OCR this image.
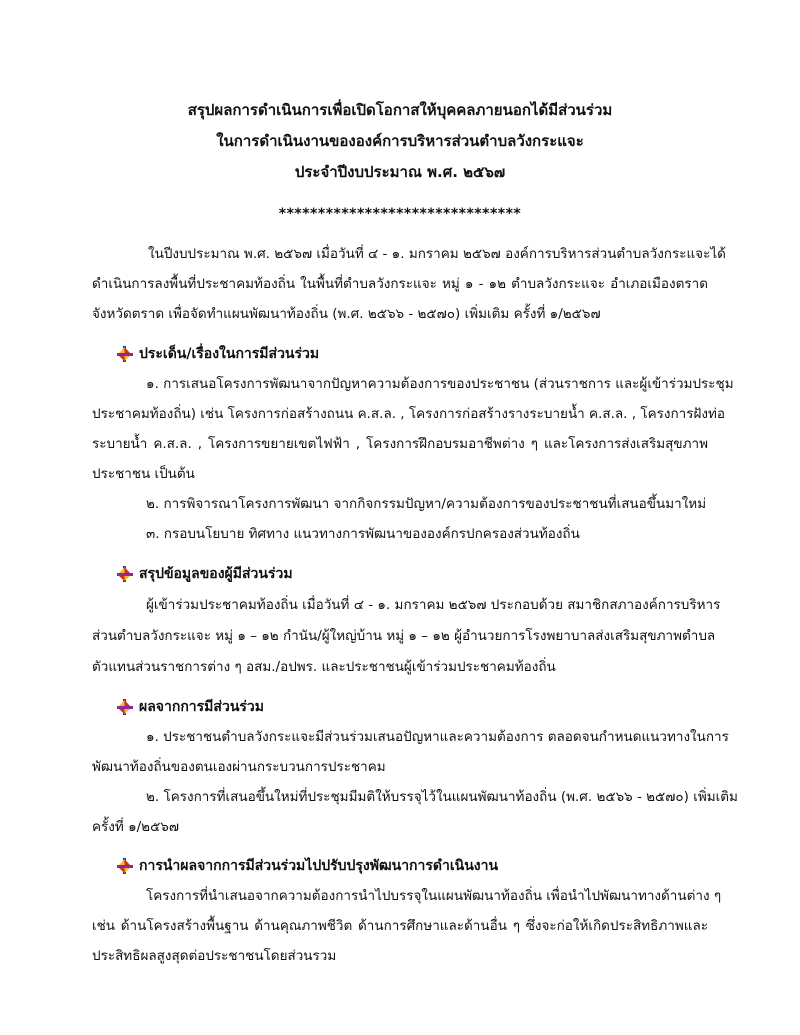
สรุปผลการดำเนินการเพื่อเปิดโอกาสให้บุคคลภายนอกได้มีส่วนร่วม
ในการดำเนินงานขององค์การบริหารส่วนตำบลวังกระแจะ
ประจำปีงบประมาณ พ.ศ. ๒๕๖๗
*******************************
ในปีงบประมาณ พ.ศ. ๒๕๖๗ เมื่อวันที่ ๔ - ๑. มกราคม ๒๕๖๗ องค์การบริหารส่วนตำบลวังกระแจะได้
ดำเนินการลงพื้นที่ประชาคมท้องถิ่น ในพื้นที่ตำบลวังกระแจะ หมู่ ๑ - ๑๒ ตำบลวังกระแจะ อำเภอเมืองตราด
จังหวัดตราด เพื่อจัดทำแผนพัฒนาท้องถิ่น (พ.ศ. ๒๕๖๖ - ๒๕๗๐) เพิ่มเติม ครั้งที่ ๑/๒๕๖๗
ประเด็น/เรื่องในการมีส่วนร่วม
๑. การเสนอโครงการพัฒนาจากปัญหาความต้องการของประชาชน (ส่วนราชการ และผู้เข้าร่วมประชุม
ประชาคมท้องถิ่น) เช่น โครงการก่อสร้างถนน ค.ส.ล. , โครงการก่อสร้างรางระบายน้ำ ค.ส.ล. , โครงการฝังท่อ
ระบายน้ำ ค.ส.ล. , โครงการขยายเขตไฟฟ้า , โครงการฝึกอบรมอาชีพต่าง ๆ และโครงการส่งเสริมสุขภาพ
ประชาชน เป็นต้น
๒. การพิจารณาโครงการพัฒนา จากกิจกรรมปัญหา/ความต้องการของประชาชนที่เสนอขึ้นมาใหม่
๓. กรอบนโยบาย ทิศทาง แนวทางการพัฒนาขององค์กรปกครองส่วนท้องถิ่น
สรุปข้อมูลของผู้มีส่วนร่วม
ผู้เข้าร่วมประชาคมท้องถิ่น เมื่อวันที่ ๔ - ๑. มกราคม ๒๕๖๗ ประกอบด้วย สมาชิกสภาองค์การบริหาร
ส่วนตำบลวังกระแจะ หมู่ ๑ – ๑๒ กำนัน/ผู้ใหญ่บ้าน หมู่ ๑ – ๑๒ ผู้อำนวยการโรงพยาบาลส่งเสริมสุขภาพตำบล
ตัวแทนส่วนราชการต่าง ๆ อสม./อปพร. และประชาชนผู้เข้าร่วมประชาคมท้องถิ่น
ผลจากการมีส่วนร่วม
๑. ประชาชนตำบลวังกระแจะมีส่วนร่วมเสนอปัญหาและความต้องการ ตลอดจนกำหนดแนวทางในการ
พัฒนาท้องถิ่นของตนเองผ่านกระบวนการประชาคม
๒. โครงการที่เสนอขึ้นใหม่ที่ประชุมมีมติให้บรรจุไว้ในแผนพัฒนาท้องถิ่น (พ.ศ. ๒๕๖๖ - ๒๕๗๐) เพิ่มเติม
ครั้งที่ ๑/๒๕๖๗
การนำผลจากการมีส่วนร่วมไปปรับปรุงพัฒนาการดำเนินงาน
โครงการที่นำเสนอจากความต้องการนำไปบรรจุในแผนพัฒนาท้องถิ่น เพื่อนำไปพัฒนาทางด้านต่าง ๆ
เช่น ด้านโครงสร้างพื้นฐาน ด้านคุณภาพชีวิต ด้านการศึกษาและด้านอื่น ๆ ซึ่งจะก่อให้เกิดประสิทธิภาพและ
ประสิทธิผลสูงสุดต่อประชาชนโดยส่วนรวม
